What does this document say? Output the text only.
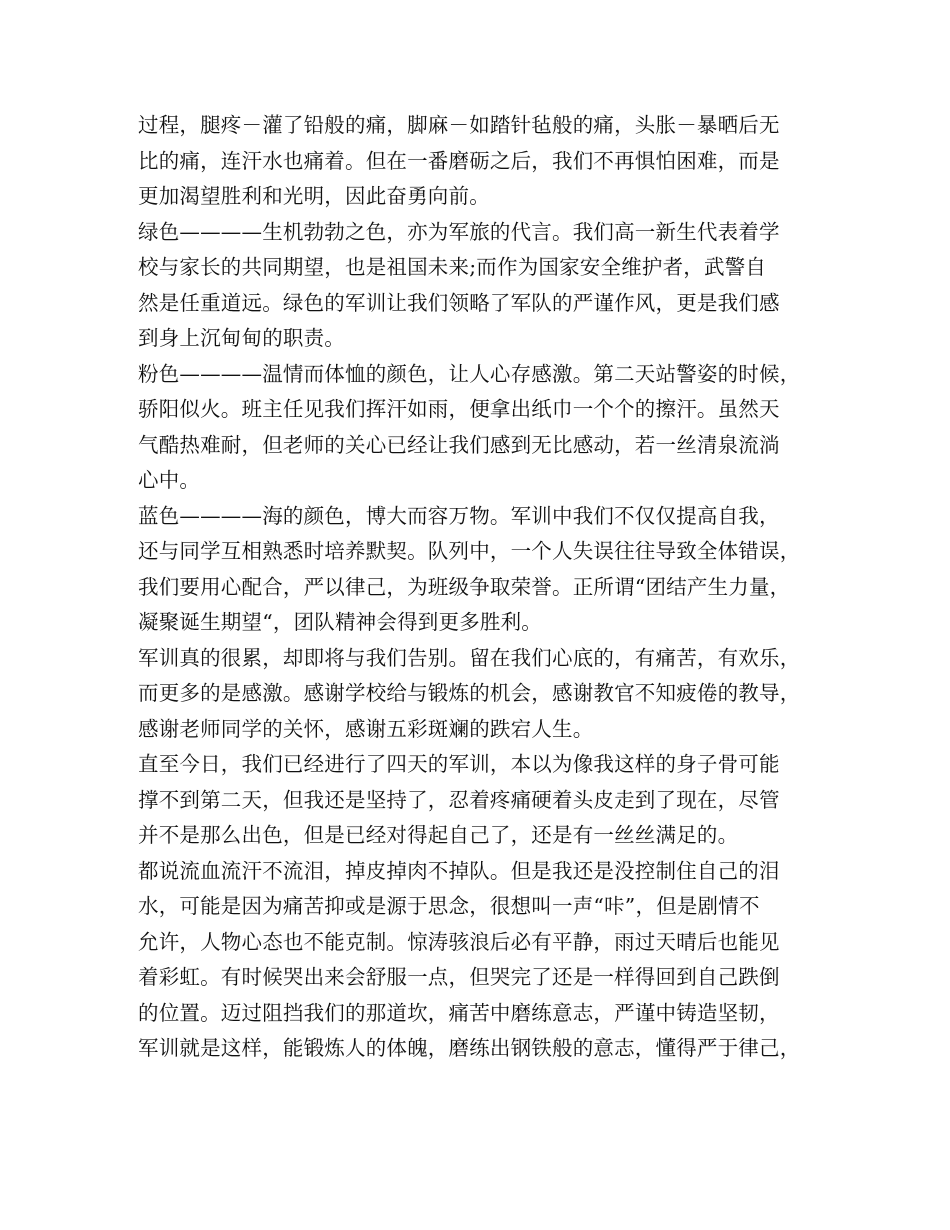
过程，腿疼－灌了铅般的痛，脚麻－如踏针毡般的痛，头胀－暴晒后无
比的痛，连汗水也痛着。但在一番磨砺之后，我们不再惧怕困难，而是
更加渴望胜利和光明，因此奋勇向前。
绿色————生机勃勃之色，亦为军旅的代言。我们高一新生代表着学
校与家长的共同期望，也是祖国未来;而作为国家安全维护者，武警自
然是任重道远。绿色的军训让我们领略了军队的严谨作风，更是我们感
到身上沉甸甸的职责。
粉色————温情而体恤的颜色，让人心存感激。第二天站警姿的时候，
骄阳似火。班主任见我们挥汗如雨，便拿出纸巾一个个的擦汗。虽然天
气酷热难耐，但老师的关心已经让我们感到无比感动，若一丝清泉流淌
心中。
蓝色————海的颜色，博大而容万物。军训中我们不仅仅提高自我，
还与同学互相熟悉时培养默契。队列中，一个人失误往往导致全体错误，
我们要用心配合，严以律己，为班级争取荣誉。正所谓“团结产生力量，
凝聚诞生期望“，团队精神会得到更多胜利。
军训真的很累，却即将与我们告别。留在我们心底的，有痛苦，有欢乐，
而更多的是感激。感谢学校给与锻炼的机会，感谢教官不知疲倦的教导，
感谢老师同学的关怀，感谢五彩斑斓的跌宕人生。
直至今日，我们已经进行了四天的军训，本以为像我这样的身子骨可能
撑不到第二天，但我还是坚持了，忍着疼痛硬着头皮走到了现在，尽管
并不是那么出色，但是已经对得起自己了，还是有一丝丝满足的。
都说流血流汗不流泪，掉皮掉肉不掉队。但是我还是没控制住自己的泪
水，可能是因为痛苦抑或是源于思念，很想叫一声“咔”，但是剧情不
允许，人物心态也不能克制。惊涛骇浪后必有平静，雨过天晴后也能见
着彩虹。有时候哭出来会舒服一点，但哭完了还是一样得回到自己跌倒
的位置。迈过阻挡我们的那道坎，痛苦中磨练意志，严谨中铸造坚韧，
军训就是这样，能锻炼人的体魄，磨练出钢铁般的意志，懂得严于律己，
